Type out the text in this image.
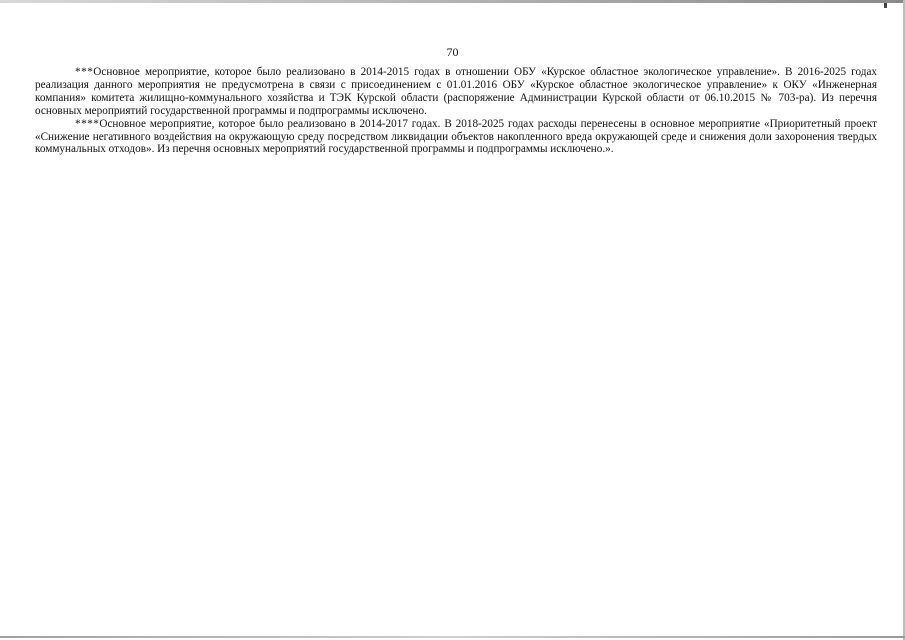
70

***Основное мероприятие, которое было реализовано в 2014-2015 годах в отношении ОБУ «Курское областное экологическое управление». В 2016-2025 годах реализация данного мероприятия не предусмотрена в связи с присоединением с 01.01.2016 ОБУ «Курское областное экологическое управление» к ОКУ «Инженерная компания» комитета жилищно-коммунального хозяйства и ТЭК Курской области (распоряжение Администрации Курской области от 06.10.2015 № 703-ра). Из перечня основных мероприятий государственной программы и подпрограммы исключено.

****Основное мероприятие, которое было реализовано в 2014-2017 годах. В 2018-2025 годах расходы перенесены в основное мероприятие «Приоритетный проект «Снижение негативного воздействия на окружающую среду посредством ликвидации объектов накопленного вреда окружающей среде и снижения доли захоронения твердых коммунальных отходов». Из перечня основных мероприятий государственной программы и подпрограммы исключено.».
